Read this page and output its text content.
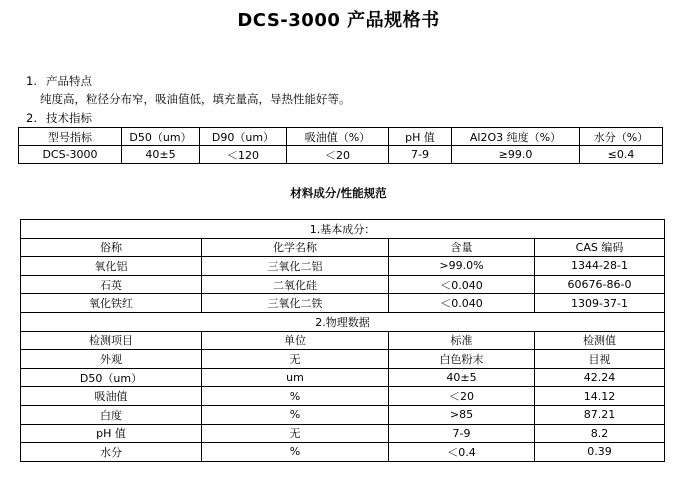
DCS-3000 产品规格书
1. 产品特点
纯度高，粒径分布窄，吸油值低，填充量高，导热性能好等。
2. 技术指标
型号指标	D50（um）	D90（um）	吸油值（%）	pH 值	Al2O3 纯度（%）	水分（%）
DCS-3000	40±5	＜120	＜20	7-9	≥99.0	≤0.4
材料成分/性能规范
1.基本成分：			
俗称	化学名称	含量	CAS 编码
氧化铝	三氧化二铝	>99.0%	1344-28-1
石英	二氧化硅	＜0.040	60676-86-0
氧化铁红	三氧化二铁	＜0.040	1309-37-1
2.物理数据			
检测项目	单位	标准	检测值
外观	无	白色粉末	目视
D50（um）	um	40±5	42.24
吸油值	%	＜20	14.12
白度	%	>85	87.21
pH 值	无	7-9	8.2
水分	%	＜0.4	0.39
